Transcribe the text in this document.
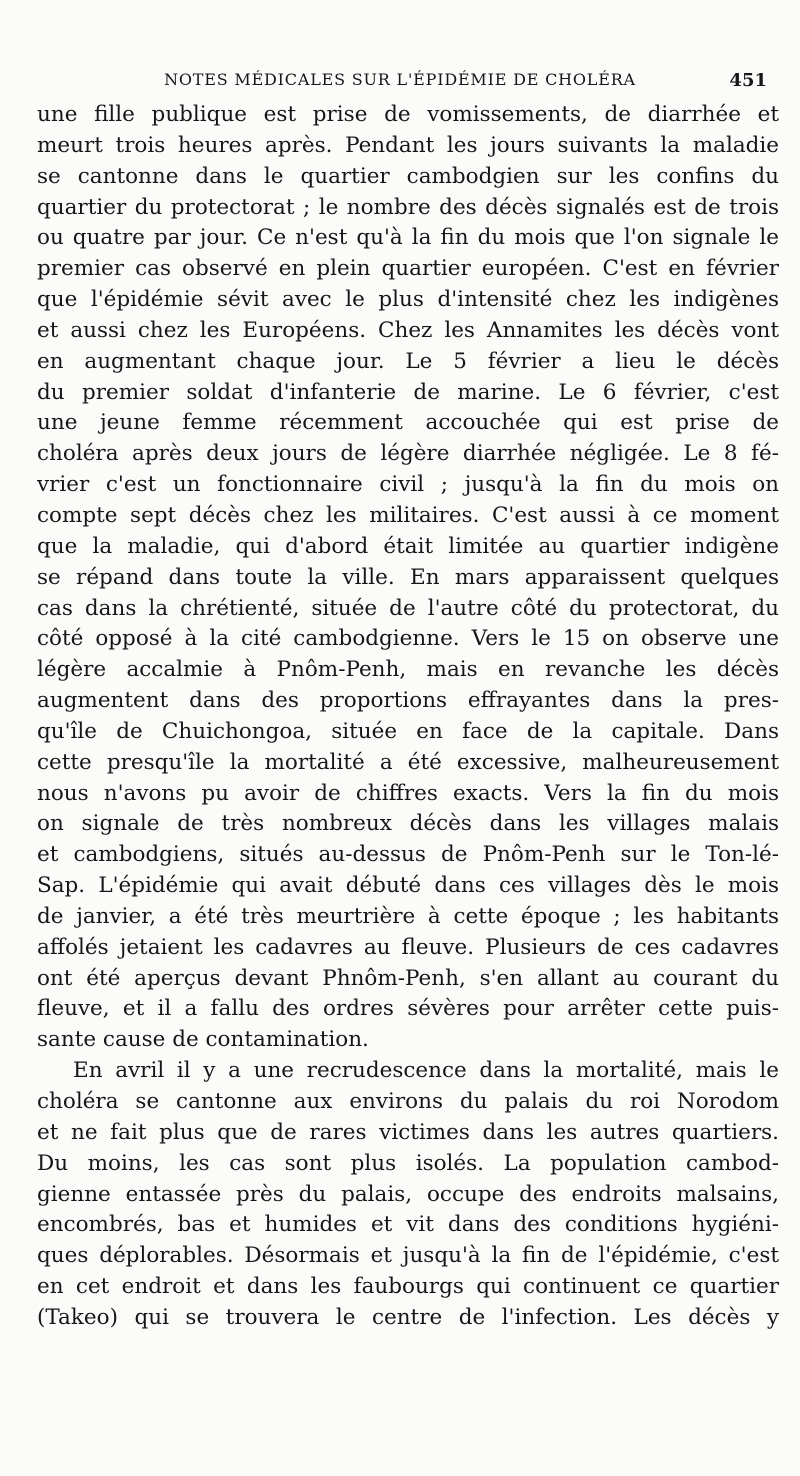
NOTES MÉDICALES SUR L'ÉPIDÉMIE DE CHOLÉRA	451
une fille publique est prise de vomissements, de diarrhée et
meurt trois heures après. Pendant les jours suivants la maladie
se cantonne dans le quartier cambodgien sur les confins du
quartier du protectorat ; le nombre des décès signalés est de trois
ou quatre par jour. Ce n'est qu'à la fin du mois que l'on signale le
premier cas observé en plein quartier européen. C'est en février
que l'épidémie sévit avec le plus d'intensité chez les indigènes
et aussi chez les Européens. Chez les Annamites les décès vont
en augmentant chaque jour. Le 5 février a lieu le décès
du premier soldat d'infanterie de marine. Le 6 février, c'est
une jeune femme récemment accouchée qui est prise de
choléra après deux jours de légère diarrhée négligée. Le 8 fé-
vrier c'est un fonctionnaire civil ; jusqu'à la fin du mois on
compte sept décès chez les militaires. C'est aussi à ce moment
que la maladie, qui d'abord était limitée au quartier indigène
se répand dans toute la ville. En mars apparaissent quelques
cas dans la chrétienté, située de l'autre côté du protectorat, du
côté opposé à la cité cambodgienne. Vers le 15 on observe une
légère accalmie à Pnôm-Penh, mais en revanche les décès
augmentent dans des proportions effrayantes dans la pres-
qu'île de Chuichongoa, située en face de la capitale. Dans
cette presqu'île la mortalité a été excessive, malheureusement
nous n'avons pu avoir de chiffres exacts. Vers la fin du mois
on signale de très nombreux décès dans les villages malais
et cambodgiens, situés au-dessus de Pnôm-Penh sur le Ton-lé-
Sap. L'épidémie qui avait débuté dans ces villages dès le mois
de janvier, a été très meurtrière à cette époque ; les habitants
affolés jetaient les cadavres au fleuve. Plusieurs de ces cadavres
ont été aperçus devant Phnôm-Penh, s'en allant au courant du
fleuve, et il a fallu des ordres sévères pour arrêter cette puis-
sante cause de contamination.
En avril il y a une recrudescence dans la mortalité, mais le
choléra se cantonne aux environs du palais du roi Norodom
et ne fait plus que de rares victimes dans les autres quartiers.
Du moins, les cas sont plus isolés. La population cambod-
gienne entassée près du palais, occupe des endroits malsains,
encombrés, bas et humides et vit dans des conditions hygiéni-
ques déplorables. Désormais et jusqu'à la fin de l'épidémie, c'est
en cet endroit et dans les faubourgs qui continuent ce quartier
(Takeo) qui se trouvera le centre de l'infection. Les décès y
